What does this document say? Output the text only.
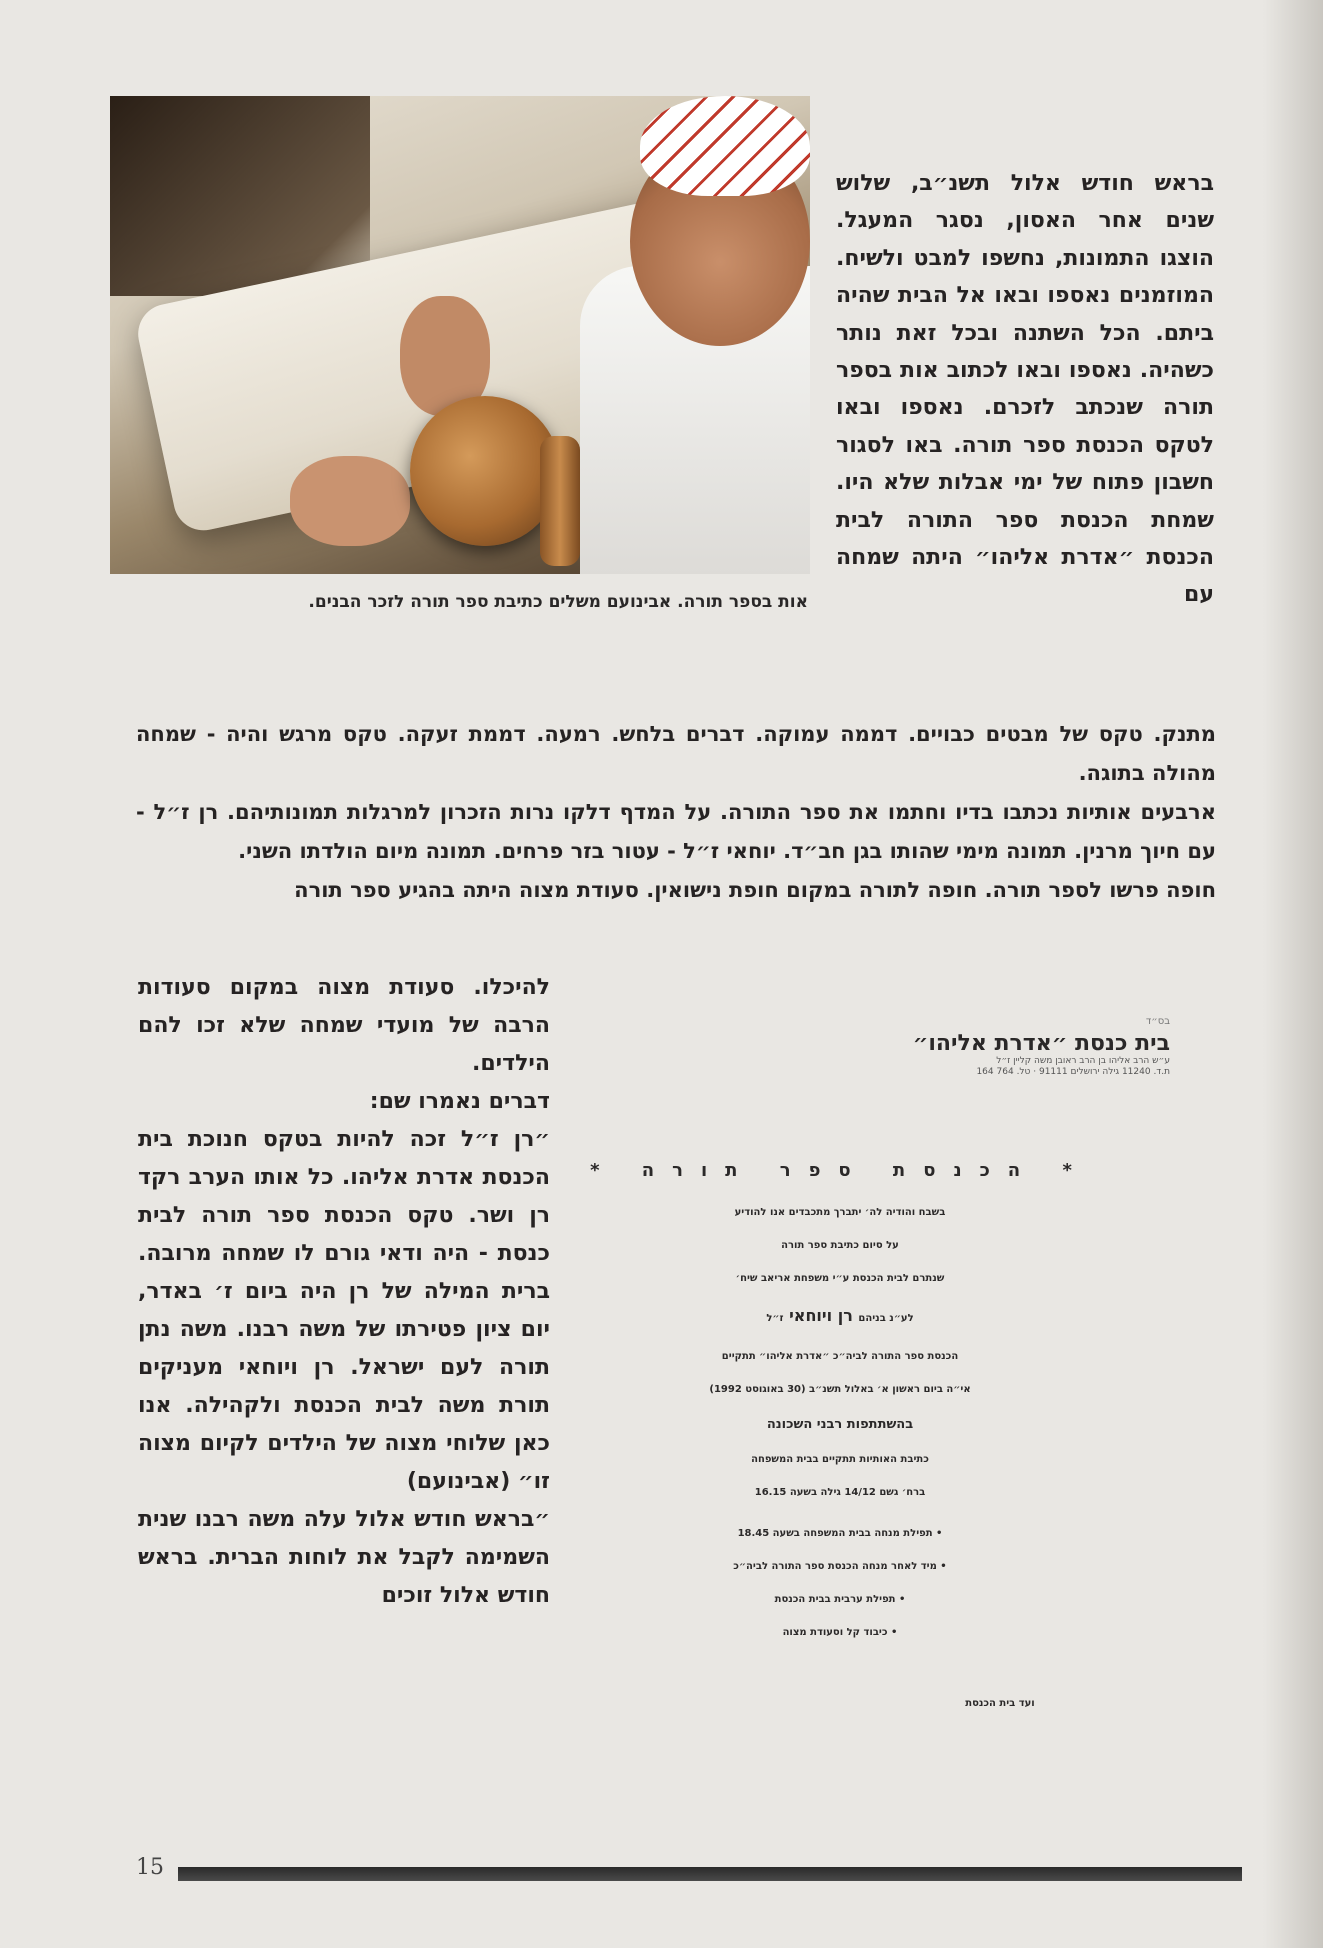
אות בספר תורה. אבינועם משלים כתיבת ספר תורה לזכר הבנים.

בראש חודש אלול תשנ״ב, שלוש שנים אחר האסון, נסגר המעגל. הוצגו התמונות, נחשפו למבט ולשיח. המוזמנים נאספו ובאו אל הבית שהיה ביתם. הכל השתנה ובכל זאת נותר כשהיה. נאספו ובאו לכתוב אות בספר תורה שנכתב לזכרם. נאספו ובאו לטקס הכנסת ספר תורה. באו לסגור חשבון פתוח של ימי אבלות שלא היו. שמחת הכנסת ספר התורה לבית הכנסת ״אדרת אליהו״ היתה שמחה עם

מתנק. טקס של מבטים כבויים. דממה עמוקה. דברים בלחש. רמעה. דממת זעקה. טקס מרגש והיה - שמחה מהולה בתוגה.

ארבעים אותיות נכתבו בדיו וחתמו את ספר התורה. על המדף דלקו נרות הזכרון למרגלות תמונותיהם. רן ז״ל - עם חיוך מרנין. תמונה מימי שהותו בגן חב״ד. יוחאי ז״ל - עטור בזר פרחים. תמונה מיום הולדתו השני.

חופה פרשו לספר תורה. חופה לתורה במקום חופת נישואין. סעודת מצוה היתה בהגיע ספר תורה

בס״ד
בית כנסת ״אדרת אליהו״
ע״ש הרב אליהו בן הרב ראובן משה קליין ז״ל
ת.ד. 11240 גילה ירושלים 91111 · טל. 764 164
* הכנסת ספר תורה *
בשבח והודיה לה׳ יתברך מתכבדים אנו להודיע
על סיום כתיבת ספר תורה
שנתרם לבית הכנסת ע״י משפחת אריאב שיח׳
לע״נ בניהם רן ויוחאי ז״ל
הכנסת ספר התורה לביה״כ ״אדרת אליהו״ תתקיים
אי״ה ביום ראשון א׳ באלול תשנ״ב (30 באוגוסט 1992)
בהשתתפות רבני השכונה
כתיבת האותיות תתקיים בבית המשפחה
ברח׳ גשם 14/12 גילה בשעה 16.15
• תפילת מנחה בבית המשפחה בשעה 18.45
• מיד לאחר מנחה הכנסת ספר התורה לביה״כ
• תפילת ערבית בבית הכנסת
• כיבוד קל וסעודת מצוה
ועד בית הכנסת

להיכלו. סעודת מצוה במקום סעודות הרבה של מועדי שמחה שלא זכו להם הילדים.

דברים נאמרו שם:

״רן ז״ל זכה להיות בטקס חנוכת בית הכנסת אדרת אליהו. כל אותו הערב רקד רן ושר. טקס הכנסת ספר תורה לבית כנסת - היה ודאי גורם לו שמחה מרובה. ברית המילה של רן היה ביום ז׳ באדר, יום ציון פטירתו של משה רבנו. משה נתן תורה לעם ישראל. רן ויוחאי מעניקים תורת משה לבית הכנסת ולקהילה. אנו כאן שלוחי מצוה של הילדים לקיום מצוה זו״ (אבינועם)

״בראש חודש אלול עלה משה רבנו שנית השמימה לקבל את לוחות הברית. בראש חודש אלול זוכים

15
